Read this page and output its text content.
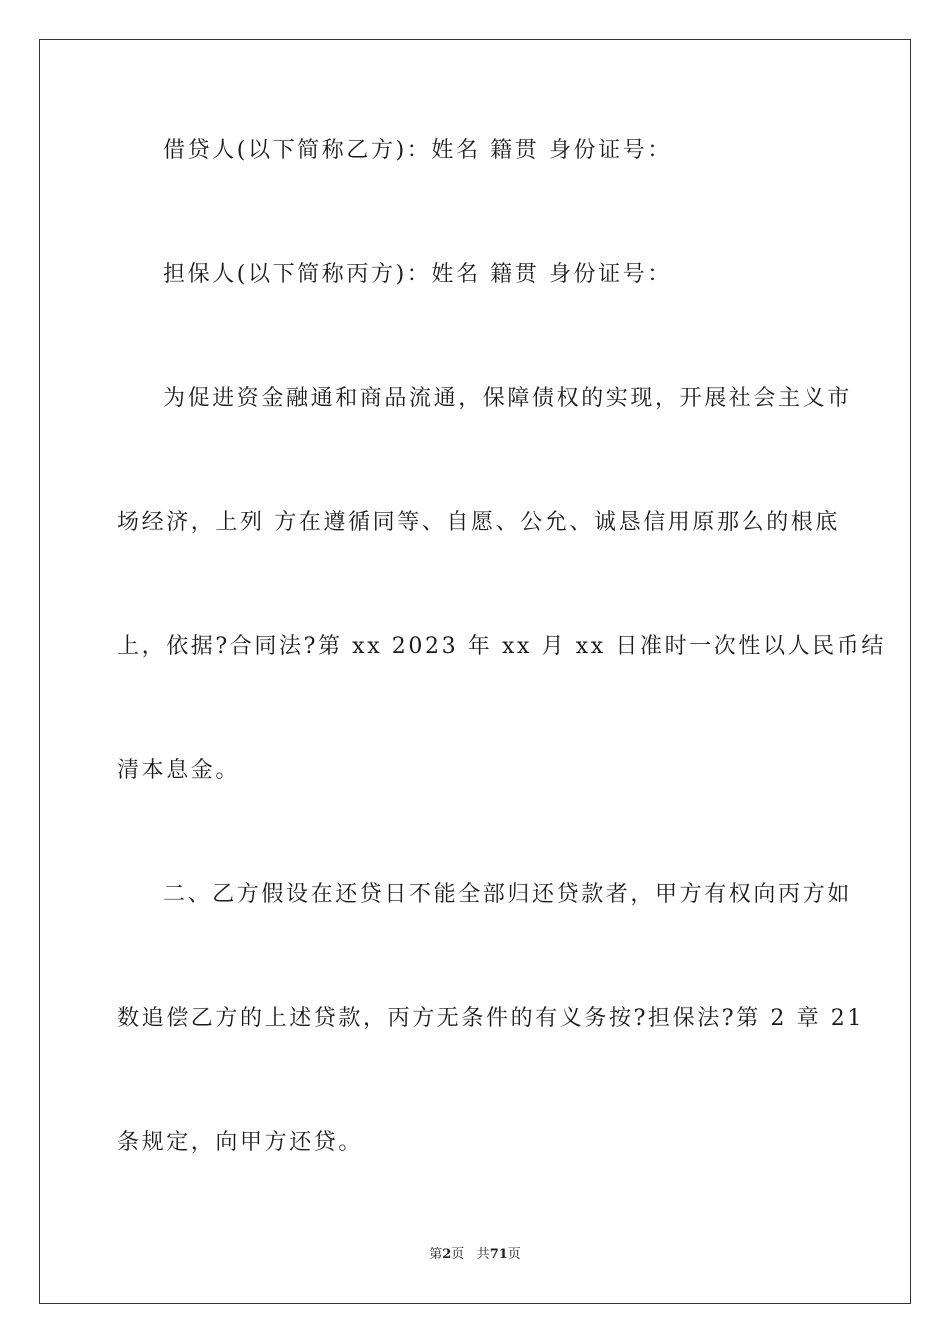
借贷人(以下简称乙方)：姓名 籍贯 身份证号：
担保人(以下简称丙方)：姓名 籍贯 身份证号：
为促进资金融通和商品流通，保障债权的实现，开展社会主义市
场经济，上列 方在遵循同等、自愿、公允、诚恳信用原那么的根底
上，依据?合同法?第 xx 2023 年 xx 月 xx 日准时一次性以人民币结
清本息金。
二、乙方假设在还贷日不能全部归还贷款者，甲方有权向丙方如
数追偿乙方的上述贷款，丙方无条件的有义务按?担保法?第 2 章 21
条规定，向甲方还贷。
第2页 共71页
